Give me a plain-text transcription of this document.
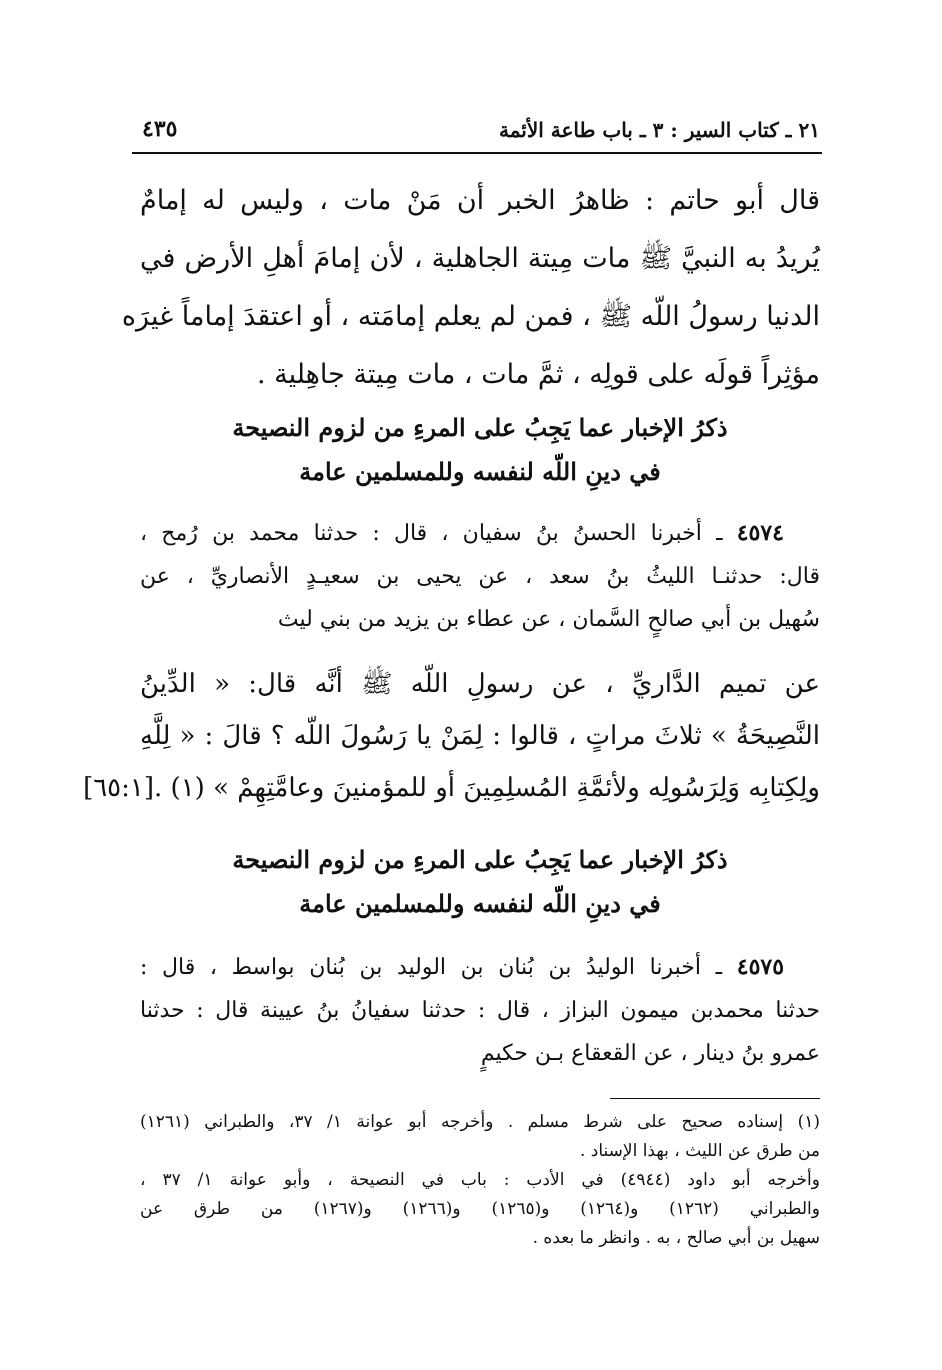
٢١ ـ كتاب السير : ٣ ـ باب طاعة الأئمة
٤٣٥
قال أبو حاتم : ظاهرُ الخبر أن مَنْ مات ، وليس له إمامٌ
يُريدُ به النبيَّ ﷺ مات مِيتة الجاهلية ، لأن إمامَ أهلِ الأرض في
الدنيا رسولُ اللّه ﷺ ، فمن لم يعلم إمامَته ، أو اعتقدَ إماماً غيرَه
مؤثِراً قولَه على قولِه ، ثمَّ مات ، مات مِيتة جاهِلية .
ذكرُ الإخبار عما يَجِبُ على المرءِ من لزوم النصيحة
في دينِ اللّه لنفسه وللمسلمين عامة
٤٥٧٤ ـ أخبرنا الحسنُ بنُ سفيان ، قال : حدثنا محمد بن رُمح ،
قال: حدثنـا الليثُ بنُ سعد ، عن يحيى بن سعيـدٍ الأنصاريِّ ، عن
سُهيل بن أبي صالحٍ السَّمان ، عن عطاء بن يزيد من بني ليث
عن تميم الدَّاريِّ ، عن رسولِ اللّه ﷺ أنَّه قال: « الدِّينُ
النَّصِيحَةُ » ثلاثَ مراتٍ ، قالوا : لِمَنْ يا رَسُولَ اللّه ؟ قالَ : « لِلَّهِ
ولِكِتابِه وَلِرَسُولِه ولأئمَّةِ المُسلِمِينَ أو للمؤمنينَ وعامَّتِهِمْ » (١) .[٦٥:١]
ذكرُ الإخبار عما يَجِبُ على المرءِ من لزوم النصيحة
في دينِ اللّه لنفسه وللمسلمين عامة
٤٥٧٥ ـ أخبرنا الوليدُ بن بُنان بن الوليد بن بُنان بواسط ، قال :
حدثنا محمدبن ميمون البزاز ، قال : حدثنا سفيانُ بنُ عيينة قال : حدثنا
عمرو بنُ دينار ، عن القعقاع بـن حكيمٍ
(١) إسناده صحيح على شرط مسلم . وأخرجه أبو عوانة ١/ ٣٧، والطبراني (١٢٦١)
من طرق عن الليث ، بهذا الإسناد .
وأخرجه أبو داود (٤٩٤٤) في الأدب : باب في النصيحة ، وأبو عوانة ١/ ٣٧ ،
والطبراني (١٢٦٢) و(١٢٦٤) و(١٢٦٥) و(١٢٦٦) و(١٢٦٧) من طرق عن
سهيل بن أبي صالح ، به . وانظر ما بعده .
